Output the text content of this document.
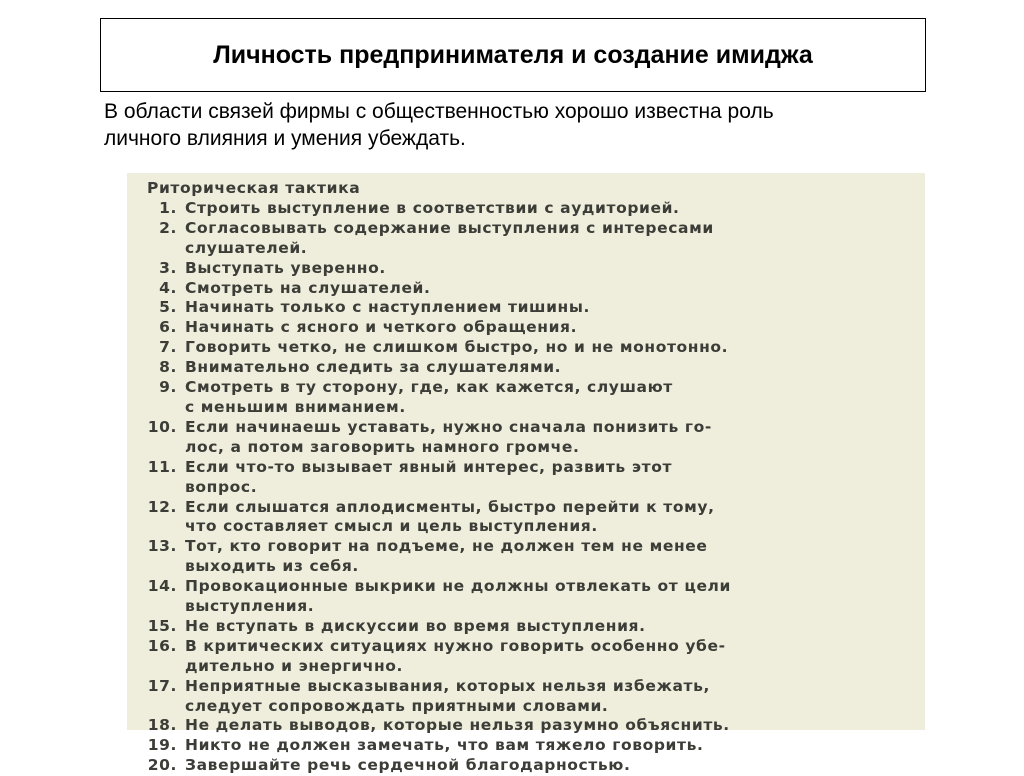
Личность предпринимателя и создание имиджа
В области связей фирмы с общественностью хорошо известна роль
личного влияния и умения убеждать.
Риторическая тактика
1. Строить выступление в соответствии с аудиторией.
2. Согласовывать содержание выступления с интересами
слушателей.
3. Выступать уверенно.
4. Смотреть на слушателей.
5. Начинать только с наступлением тишины.
6. Начинать с ясного и четкого обращения.
7. Говорить четко, не слишком быстро, но и не монотонно.
8. Внимательно следить за слушателями.
9. Смотреть в ту сторону, где, как кажется, слушают
с меньшим вниманием.
10. Если начинаешь уставать, нужно сначала понизить го-
лос, а потом заговорить намного громче.
11. Если что-то вызывает явный интерес, развить этот
вопрос.
12. Если слышатся аплодисменты, быстро перейти к тому,
что составляет смысл и цель выступления.
13. Тот, кто говорит на подъеме, не должен тем не менее
выходить из себя.
14. Провокационные выкрики не должны отвлекать от цели
выступления.
15. Не вступать в дискуссии во время выступления.
16. В критических ситуациях нужно говорить особенно убе-
дительно и энергично.
17. Неприятные высказывания, которых нельзя избежать,
следует сопровождать приятными словами.
18. Не делать выводов, которые нельзя разумно объяснить.
19. Никто не должен замечать, что вам тяжело говорить.
20. Завершайте речь сердечной благодарностью.
